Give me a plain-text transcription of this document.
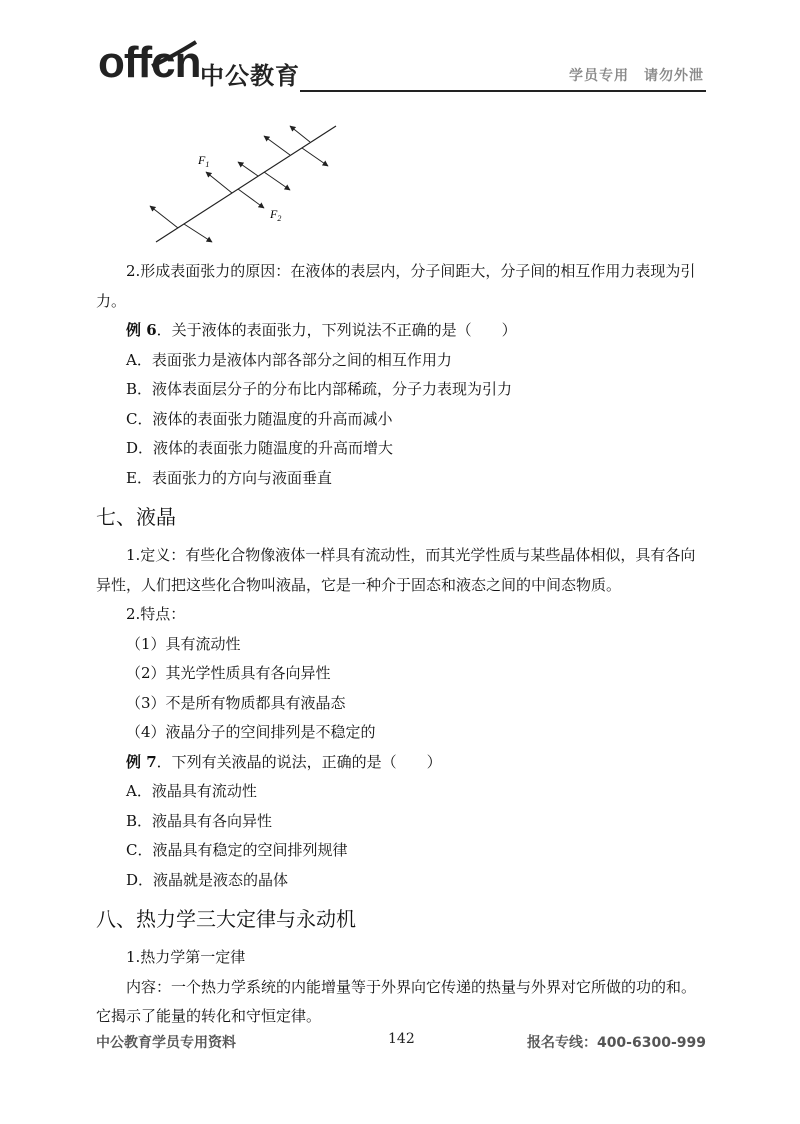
offcn 中公教育	学员专用　请勿外泄
$F_1$
$F_2$

2.形成表面张力的原因：在液体的表层内，分子间距大，分子间的相互作用力表现为引力。

例 6．关于液体的表面张力，下列说法不正确的是（　　）

A．表面张力是液体内部各部分之间的相互作用力

B．液体表面层分子的分布比内部稀疏，分子力表现为引力

C．液体的表面张力随温度的升高而减小

D．液体的表面张力随温度的升高而增大

E．表面张力的方向与液面垂直

七、液晶

1.定义：有些化合物像液体一样具有流动性，而其光学性质与某些晶体相似，具有各向异性，人们把这些化合物叫液晶，它是一种介于固态和液态之间的中间态物质。

2.特点：

（1）具有流动性

（2）其光学性质具有各向异性

（3）不是所有物质都具有液晶态

（4）液晶分子的空间排列是不稳定的

例 7．下列有关液晶的说法，正确的是（　　）

A．液晶具有流动性

B．液晶具有各向异性

C．液晶具有稳定的空间排列规律

D．液晶就是液态的晶体

八、热力学三大定律与永动机

1.热力学第一定律

内容：一个热力学系统的内能增量等于外界向它传递的热量与外界对它所做的功的和。它揭示了能量的转化和守恒定律。

中公教育学员专用资料	142	报名专线：400-6300-999
